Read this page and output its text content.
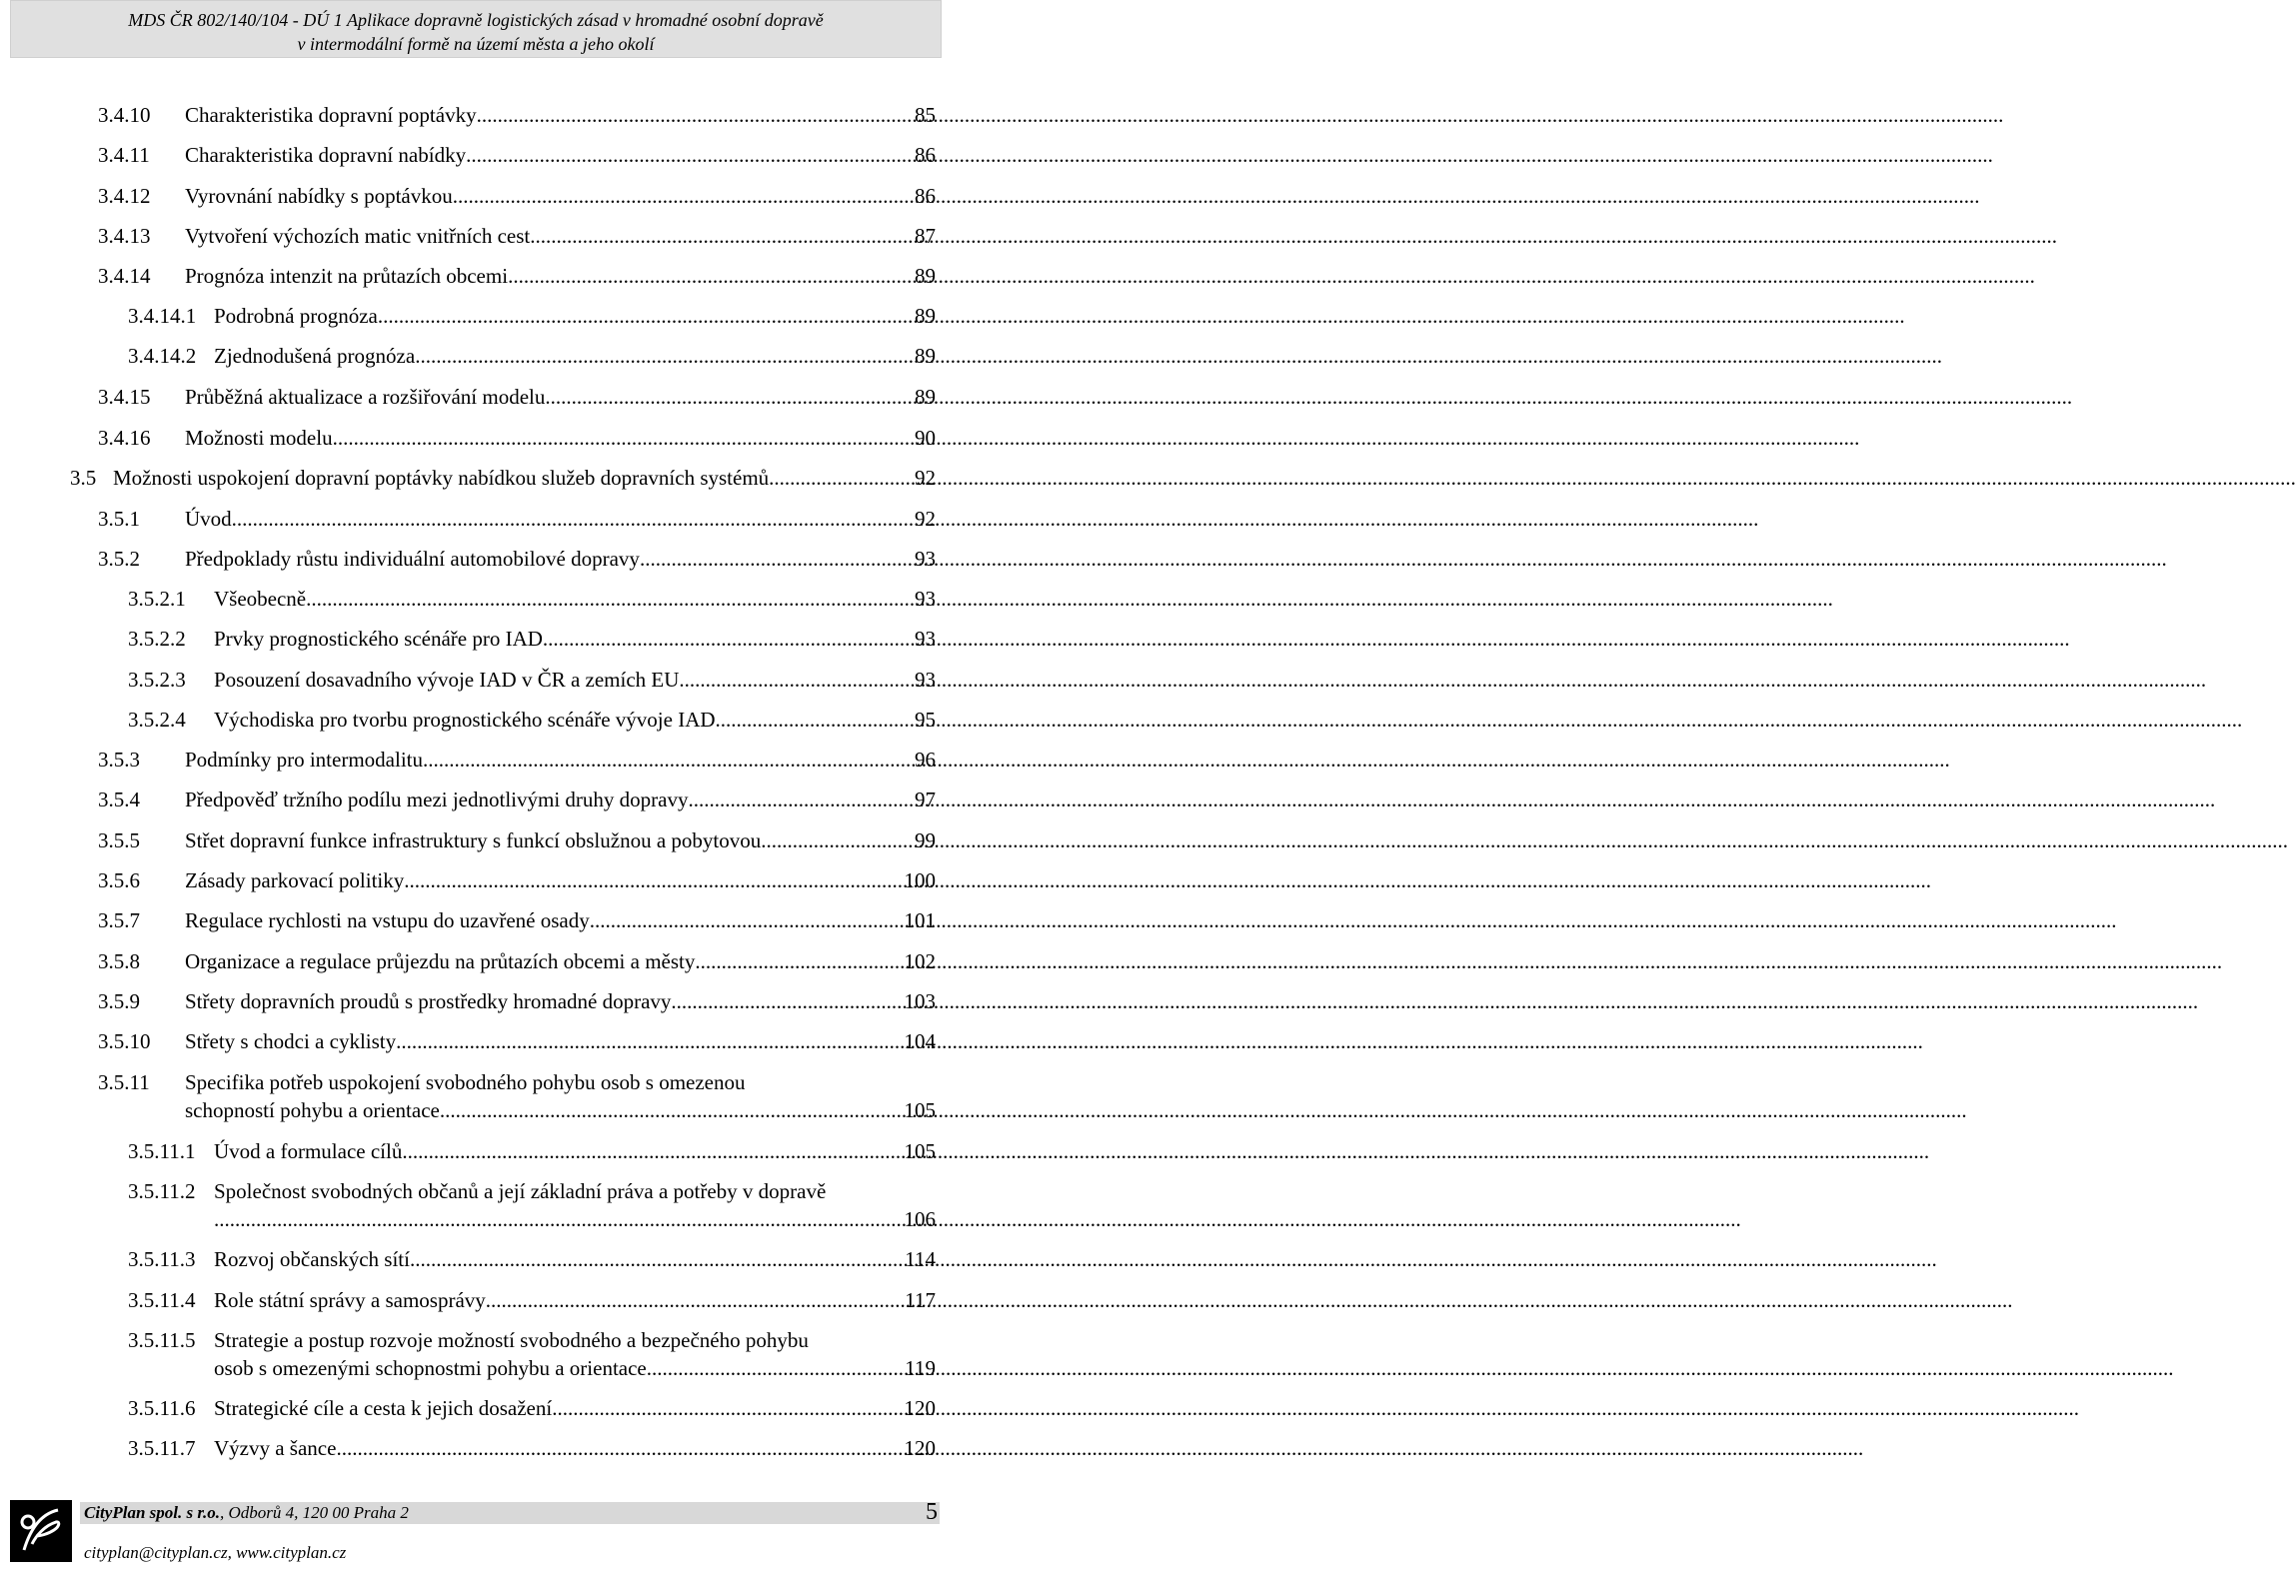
MDS ČR 802/140/104 - DÚ 1 Aplikace dopravně logistických zásad v hromadné osobní dopravě
v intermodální formě na území města a jeho okolí
3.4.10	Charakteristika dopravní poptávky .....	85
3.4.11	Charakteristika dopravní nabídky .....	86
3.4.12	Vyrovnání nabídky s poptávkou .....	86
3.4.13	Vytvoření výchozích matic vnitřních cest .....	87
3.4.14	Prognóza intenzit na průtazích obcemi .....	89
3.4.14.1 Podrobná prognóza .....	89
3.4.14.2 Zjednodušená prognóza .....	89
3.4.15	Průběžná aktualizace a rozšiřování modelu .....	89
3.4.16	Možnosti modelu .....	90
3.5 Možnosti uspokojení dopravní poptávky nabídkou služeb dopravních systémů .....	92
3.5.1	Úvod .....	92
3.5.2	Předpoklady růstu individuální automobilové dopravy .....	93
3.5.2.1	Všeobecně .....	93
3.5.2.2	Prvky prognostického scénáře pro IAD .....	93
3.5.2.3	Posouzení dosavadního vývoje IAD v ČR a zemích EU .....	93
3.5.2.4	Východiska pro tvorbu prognostického scénáře vývoje IAD .....	95
3.5.3	Podmínky pro intermodalitu .....	96
3.5.4	Předpověď tržního podílu mezi jednotlivými druhy dopravy .....	97
3.5.5	Střet dopravní funkce infrastruktury s funkcí obslužnou a pobytovou .....	99
3.5.6	Zásady parkovací politiky .....	100
3.5.7	Regulace rychlosti na vstupu do uzavřené osady .....	101
3.5.8	Organizace a regulace průjezdu na průtazích obcemi a městy .....	102
3.5.9	Střety dopravních proudů s prostředky hromadné dopravy .....	103
3.5.10	Střety s chodci a cyklisty .....	104
3.5.11	Specifika potřeb uspokojení svobodného pohybu osob s omezenou
schopností pohybu a orientace .....	105
3.5.11.1 Úvod a formulace cílů .....	105
3.5.11.2 Společnost svobodných občanů a její základní práva a potřeby v dopravě
.....
106
3.5.11.3 Rozvoj občanských sítí .....	114
3.5.11.4 Role státní správy a samosprávy .....	117
3.5.11.5 Strategie a postup rozvoje možností svobodného a bezpečného pohybu
osob s omezenými schopnostmi pohybu a orientace .....	119
3.5.11.6 Strategické cíle a cesta k jejich dosažení .....	120
3.5.11.7 Výzvy a šance .....	120
CityPlan spol. s r.o., Odborů 4, 120 00 Praha 2	5
cityplan@cityplan.cz, www.cityplan.cz
